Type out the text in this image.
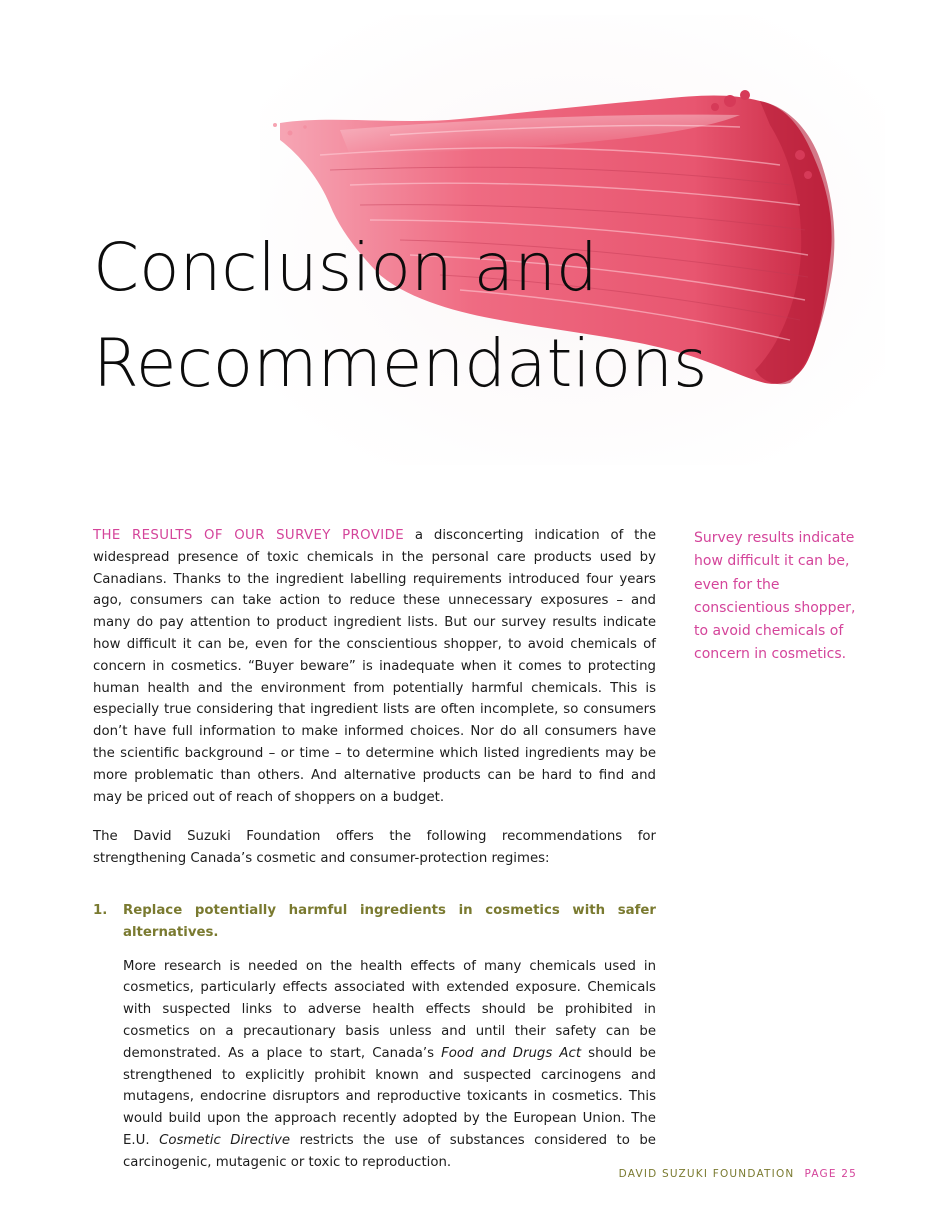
Conclusion and
Recommendations

THE RESULTS OF OUR SURVEY PROVIDE a disconcerting indication of the widespread presence of toxic chemicals in the personal care products used by Canadians. Thanks to the ingredient labelling requirements introduced four years ago, consumers can take action to reduce these unnecessary exposures – and many do pay attention to product ingredient lists. But our survey results indicate how difficult it can be, even for the conscientious shopper, to avoid chemicals of concern in cosmetics. “Buyer beware” is inadequate when it comes to protecting human health and the environment from potentially harmful chemicals. This is especially true considering that ingredient lists are often incomplete, so consumers don’t have full information to make informed choices. Nor do all consumers have the scientific background – or time – to determine which listed ingredients may be more problematic than others. And alternative products can be hard to find and may be priced out of reach of shoppers on a budget.

The David Suzuki Foundation offers the following recommendations for strengthening Canada’s cosmetic and consumer-protection regimes:

1. Replace potentially harmful ingredients in cosmetics with safer alternatives.

More research is needed on the health effects of many chemicals used in cosmetics, particularly effects associated with extended exposure. Chemicals with suspected links to adverse health effects should be prohibited in cosmetics on a precautionary basis unless and until their safety can be demonstrated. As a place to start, Canada’s Food and Drugs Act should be strengthened to explicitly prohibit known and suspected carcinogens and mutagens, endocrine disruptors and reproductive toxicants in cosmetics. This would build upon the approach recently adopted by the European Union. The E.U. Cosmetic Directive restricts the use of substances considered to be carcinogenic, mutagenic or toxic to reproduction.

Survey results indicate how difficult it can be, even for the conscientious shopper, to avoid chemicals of concern in cosmetics.
DAVID SUZUKI FOUNDATION PAGE 25
